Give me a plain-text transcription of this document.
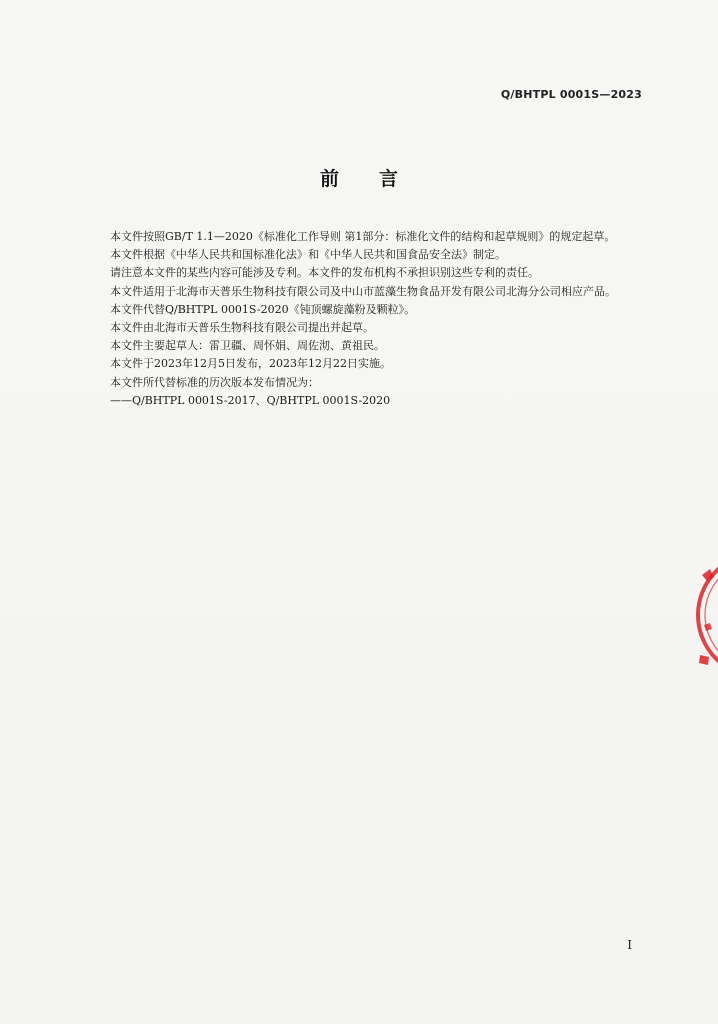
Q/BHTPL 0001S—2023
前言

本文件按照GB/T 1.1—2020《标准化工作导则 第1部分：标准化文件的结构和起草规则》的规定起草。

本文件根据《中华人民共和国标准化法》和《中华人民共和国食品安全法》制定。

请注意本文件的某些内容可能涉及专利。本文件的发布机构不承担识别这些专利的责任。

本文件适用于北海市天普乐生物科技有限公司及中山市蓝藻生物食品开发有限公司北海分公司相应产品。

本文件代替Q/BHTPL 0001S-2020《钝顶螺旋藻粉及颗粒》。

本文件由北海市天普乐生物科技有限公司提出并起草。

本文件主要起草人：雷卫疆、周怀娟、周佐沏、黄祖民。

本文件于2023年12月5日发布，2023年12月22日实施。

本文件所代替标准的历次版本发布情况为：

——Q/BHTPL 0001S-2017、Q/BHTPL 0001S-2020

I
